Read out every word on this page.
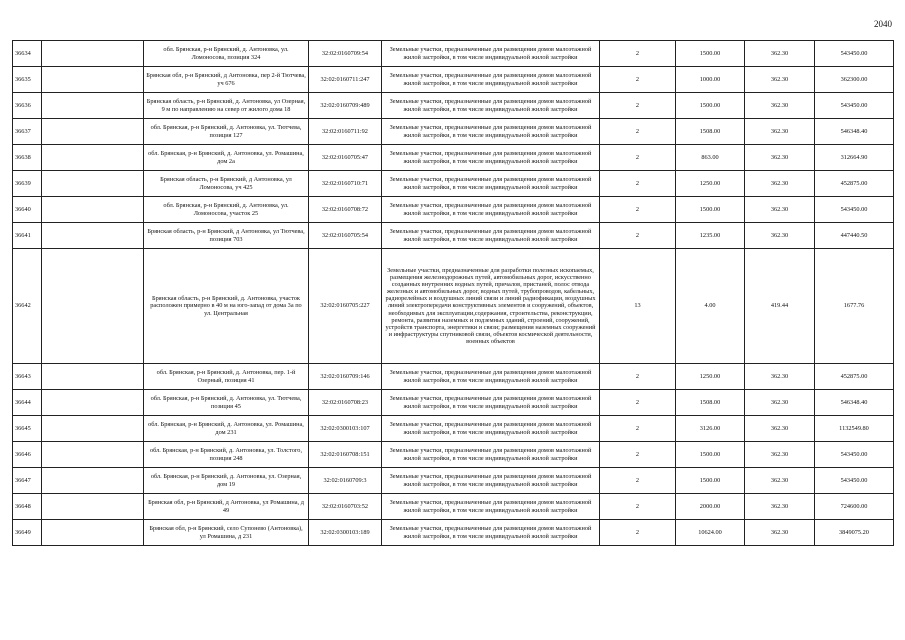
2040
36634		обл. Брянская, р-н Брянский, д. Антоновка, ул. Ломоносова, позиция 324	32:02:0160709:54	Земельные участки, предназначенные для размещения домов малоэтажной жилой застройки, в том числе индивидуальной жилой застройки	2	1500.00	362.30	543450.00
36635		Брянская обл, р-н Брянский, д Антоновка, пер 2-й Тютчева, уч 676	32:02:0160711:247	Земельные участки, предназначенные для размещения домов малоэтажной жилой застройки, в том числе индивидуальной жилой застройки	2	1000.00	362.30	362300.00
36636		Брянская область, р-н Брянский, д. Антоновка, ул Озерная, 9 м по направлению на север от жилого дома 18	32:02:0160709:489	Земельные участки, предназначенные для размещения домов малоэтажной жилой застройки, в том числе индивидуальной жилой застройки	2	1500.00	362.30	543450.00
36637		обл. Брянская, р-н Брянский, д. Антоновка, ул. Тютчева, позиция 127	32:02:0160711:92	Земельные участки, предназначенные для размещения домов малоэтажной жилой застройки, в том числе индивидуальной жилой застройки	2	1508.00	362.30	546348.40
36638		обл. Брянская, р-н Брянский, д. Антоновка, ул. Ромашина, дом 2а	32:02:0160705:47	Земельные участки, предназначенные для размещения домов малоэтажной жилой застройки, в том числе индивидуальной жилой застройки	2	863.00	362.30	312664.90
36639		Брянская область, р-н Брянский, д Антоновка, ул Ломоносова, уч 425	32:02:0160710:71	Земельные участки, предназначенные для размещения домов малоэтажной жилой застройки, в том числе индивидуальной жилой застройки	2	1250.00	362.30	452875.00
36640		обл. Брянская, р-н Брянский, д. Антоновка, ул. Ломоносова, участок 25	32:02:0160708:72	Земельные участки, предназначенные для размещения домов малоэтажной жилой застройки, в том числе индивидуальной жилой застройки	2	1500.00	362.30	543450.00
36641		Брянская область, р-н Брянский, д Антоновка, ул Тютчева, позиция 703	32:02:0160705:54	Земельные участки, предназначенные для размещения домов малоэтажной жилой застройки, в том числе индивидуальной жилой застройки	2	1235.00	362.30	447440.50
36642		Брянская область, р-н Брянский, д. Антоновка, участок расположен примерно в 40 м на юго-запад от дома 3а по ул. Центральная	32:02:0160705:227	Земельные участки, предназначенные для разработки полезных ископаемых, размещения железнодорожных путей, автомобильных дорог, искусственно созданных внутренних водных путей, причалов, пристаней, полос отвода железных и автомобильных дорог, водных путей, трубопроводов, кабельных, радиорелейных и воздушных линий связи и линий радиофикации, воздушных линий электропередачи конструктивных элементов и сооружений, объектов, необходимых для эксплуатации,содержания, строительства, реконструкции, ремонта, развития наземных и подземных зданий, строений, сооружений, устройств транспорта, энергетики и связи; размещения наземных сооружений и инфраструктуры спутниковой связи, объектов космической деятельности, военных объектов	13	4.00	419.44	1677.76
36643		обл. Брянская, р-н Брянский, д. Антоновка, пер. 1-й Озерный, позиция 41	32:02:0160709:146	Земельные участки, предназначенные для размещения домов малоэтажной жилой застройки, в том числе индивидуальной жилой застройки	2	1250.00	362.30	452875.00
36644		обл. Брянская, р-н Брянский, д. Антоновка, ул. Тютчева, позиция 45	32:02:0160708:23	Земельные участки, предназначенные для размещения домов малоэтажной жилой застройки, в том числе индивидуальной жилой застройки	2	1508.00	362.30	546348.40
36645		обл. Брянская, р-н Брянский, д. Антоновка, ул. Ромашина, дом 231	32:02:0300103:107	Земельные участки, предназначенные для размещения домов малоэтажной жилой застройки, в том числе индивидуальной жилой застройки	2	3126.00	362.30	1132549.80
36646		обл. Брянская, р-н Брянский, д. Антоновка, ул. Толстого, позиция 248	32:02:0160708:151	Земельные участки, предназначенные для размещения домов малоэтажной жилой застройки, в том числе индивидуальной жилой застройки	2	1500.00	362.30	543450.00
36647		обл. Брянская, р-н Брянский, д. Антоновка, ул. Озерная, дом 19	32:02:0160709:3	Земельные участки, предназначенные для размещения домов малоэтажной жилой застройки, в том числе индивидуальной жилой застройки	2	1500.00	362.30	543450.00
36648		Брянская обл, р-н Брянский, д Антоновка, ул Ромашина, д 49	32:02:0160703:52	Земельные участки, предназначенные для размещения домов малоэтажной жилой застройки, в том числе индивидуальной жилой застройки	2	2000.00	362.30	724600.00
36649		Брянская обл, р-н Брянский, село Супонево (Антоновка), ул Ромашина, д 231	32:02:0300103:189	Земельные участки, предназначенные для размещения домов малоэтажной жилой застройки, в том числе индивидуальной жилой застройки	2	10624.00	362.30	3849075.20
